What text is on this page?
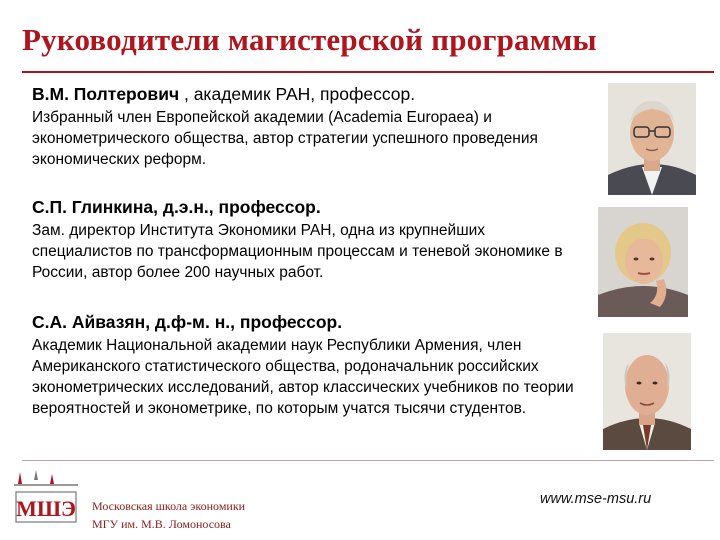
Руководители магистерской программы
В.М. Полтерович , академик РАН, профессор.
Избранный член Европейской академии (Academia Europaea) и эконометрического общества, автор стратегии успешного проведения экономических реформ.
С.П. Глинкина, д.э.н., профессор.
Зам. директор Института Экономики РАН, одна из крупнейших специалистов по трансформационным процессам и теневой экономике в России, автор более 200 научных работ.
С.А. Айвазян, д.ф-м. н., профессор.
Академик Национальной академии наук Республики Армения, член Американского статистического общества, родоначальник российских эконометрических исследований, автор классических учебников по теории вероятностей и эконометрике, по которым учатся тысячи студентов.
МШЭ Московская школа экономики
МГУ им. М.В. Ломоносова
www.mse-msu.ru
